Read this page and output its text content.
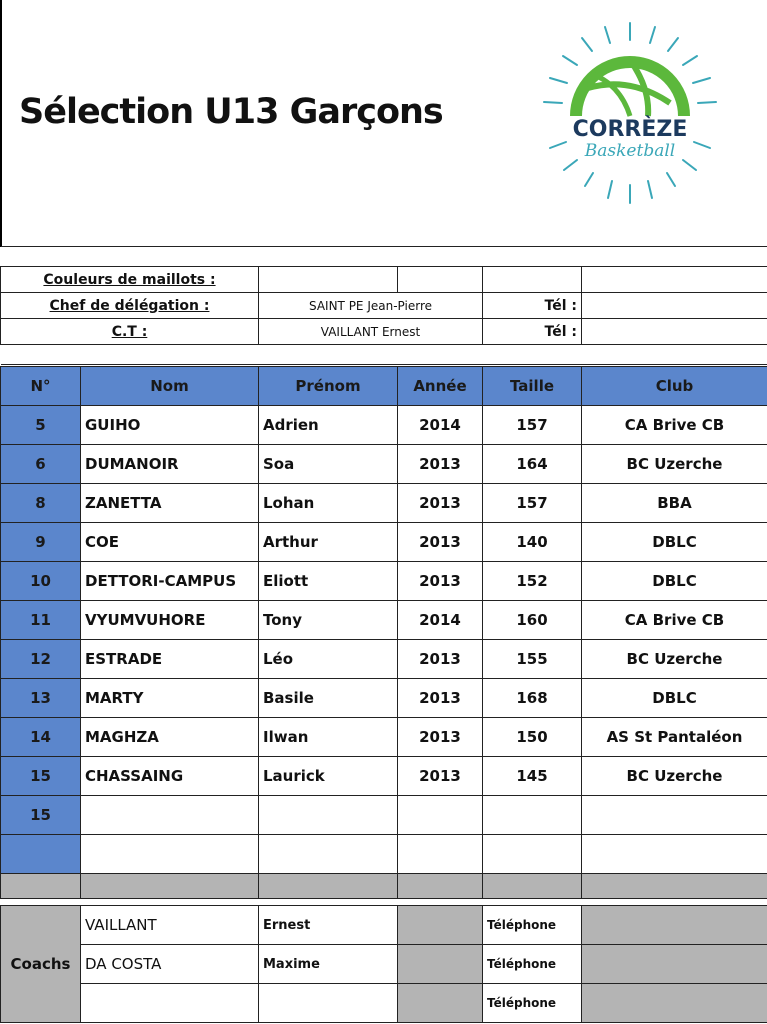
Sélection U13 Garçons	CORRÈZE
Basketball

Couleurs de maillots :				
Chef de délégation :	SAINT PE Jean-Pierre		Tél :	
C.T :	VAILLANT Ernest		Tél :	

N°	Nom	Prénom	Année	Taille	Club
5	GUIHO	Adrien	2014	157	CA Brive CB
6	DUMANOIR	Soa	2013	164	BC Uzerche
8	ZANETTA	Lohan	2013	157	BBA
9	COE	Arthur	2013	140	DBLC
10	DETTORI-CAMPUS	Eliott	2013	152	DBLC
11	VYUMVUHORE	Tony	2014	160	CA Brive CB
12	ESTRADE	Léo	2013	155	BC Uzerche
13	MARTY	Basile	2013	168	DBLC
14	MAGHZA	Ilwan	2013	150	AS St Pantaléon
15	CHASSAING	Laurick	2013	145	BC Uzerche
15					

Coachs	VAILLANT	Ernest		Téléphone	
	DA COSTA	Maxime		Téléphone	
				Téléphone	
